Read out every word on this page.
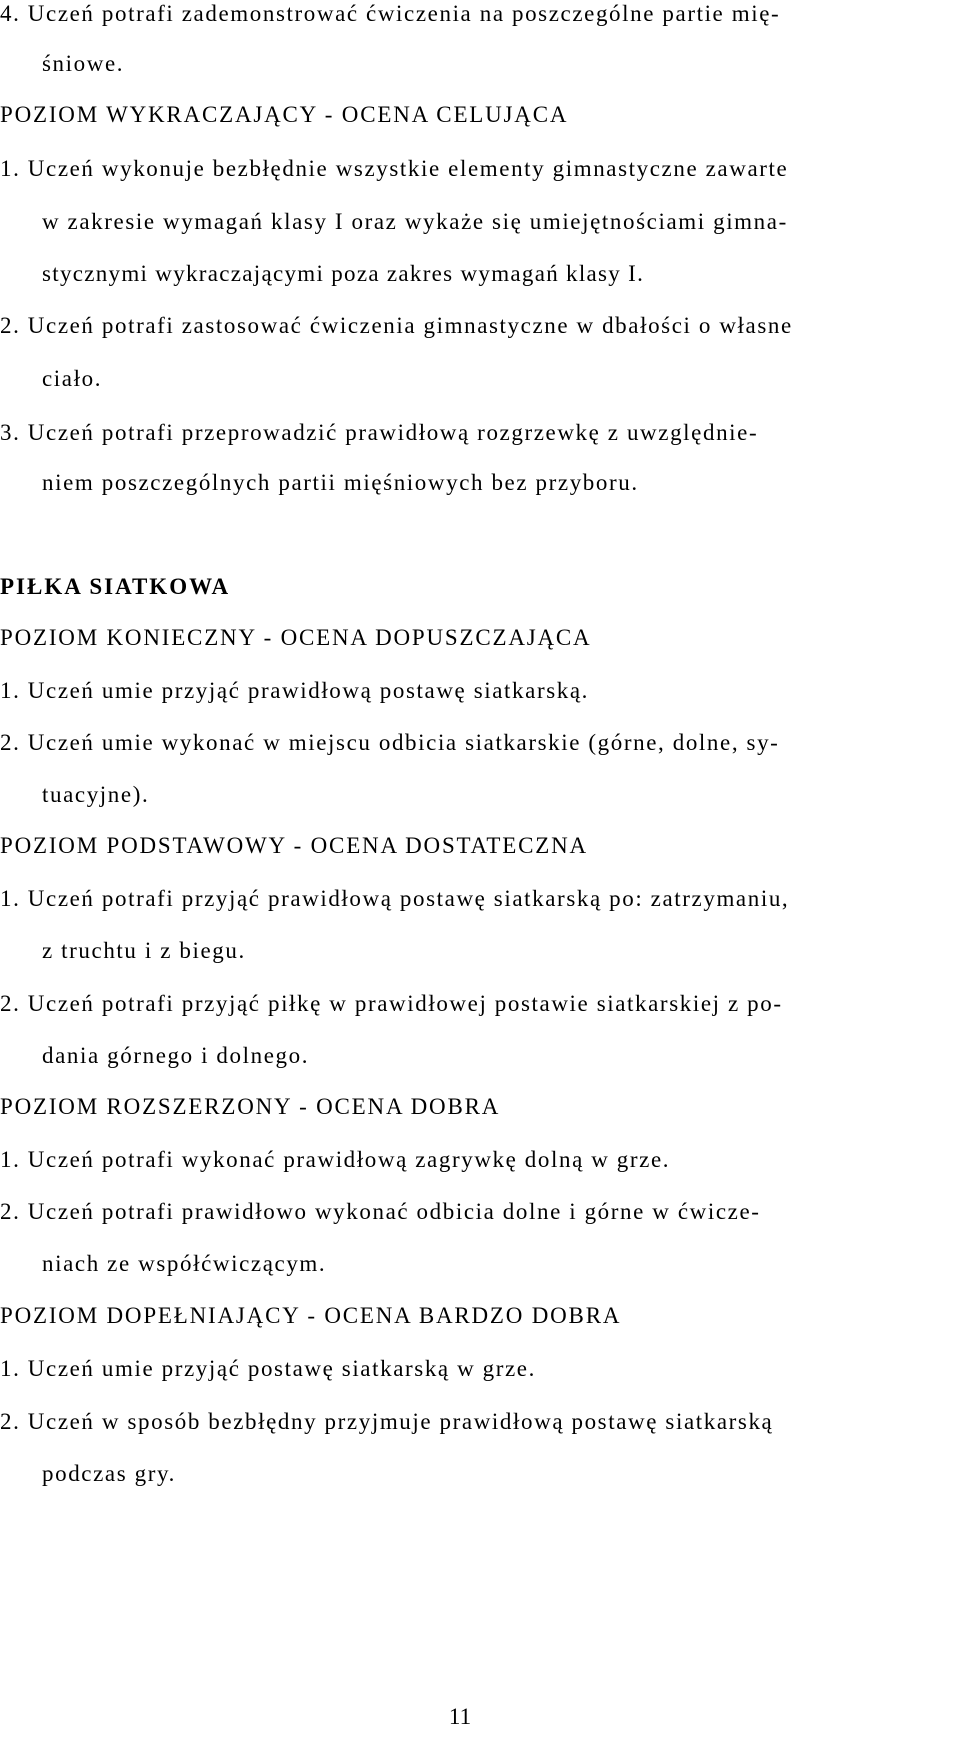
4. Uczeń potrafi zademonstrować ćwiczenia na poszczególne partie mię-
śniowe.
POZIOM WYKRACZAJĄCY - OCENA CELUJĄCA
1. Uczeń wykonuje bezbłędnie wszystkie elementy gimnastyczne zawarte
w zakresie wymagań klasy I oraz wykaże się umiejętnościami gimna-
stycznymi wykraczającymi poza zakres wymagań klasy I.
2. Uczeń potrafi zastosować ćwiczenia gimnastyczne w dbałości o własne
ciało.
3. Uczeń potrafi przeprowadzić prawidłową rozgrzewkę z uwzględnie-
niem poszczególnych partii mięśniowych bez przyboru.
PIŁKA SIATKOWA
POZIOM KONIECZNY - OCENA DOPUSZCZAJĄCA
1. Uczeń umie przyjąć prawidłową postawę siatkarską.
2. Uczeń umie wykonać w miejscu odbicia siatkarskie (górne, dolne, sy-
tuacyjne).
POZIOM PODSTAWOWY - OCENA DOSTATECZNA
1. Uczeń potrafi przyjąć prawidłową postawę siatkarską po: zatrzymaniu,
z truchtu i z biegu.
2. Uczeń potrafi przyjąć piłkę w prawidłowej postawie siatkarskiej z po-
dania górnego i dolnego.
POZIOM ROZSZERZONY - OCENA DOBRA
1. Uczeń potrafi wykonać prawidłową zagrywkę dolną w grze.
2. Uczeń potrafi prawidłowo wykonać odbicia dolne i górne w ćwicze-
niach ze współćwiczącym.
POZIOM DOPEŁNIAJĄCY - OCENA BARDZO DOBRA
1. Uczeń umie przyjąć postawę siatkarską w grze.
2. Uczeń w sposób bezbłędny przyjmuje prawidłową postawę siatkarską
podczas gry.
11
